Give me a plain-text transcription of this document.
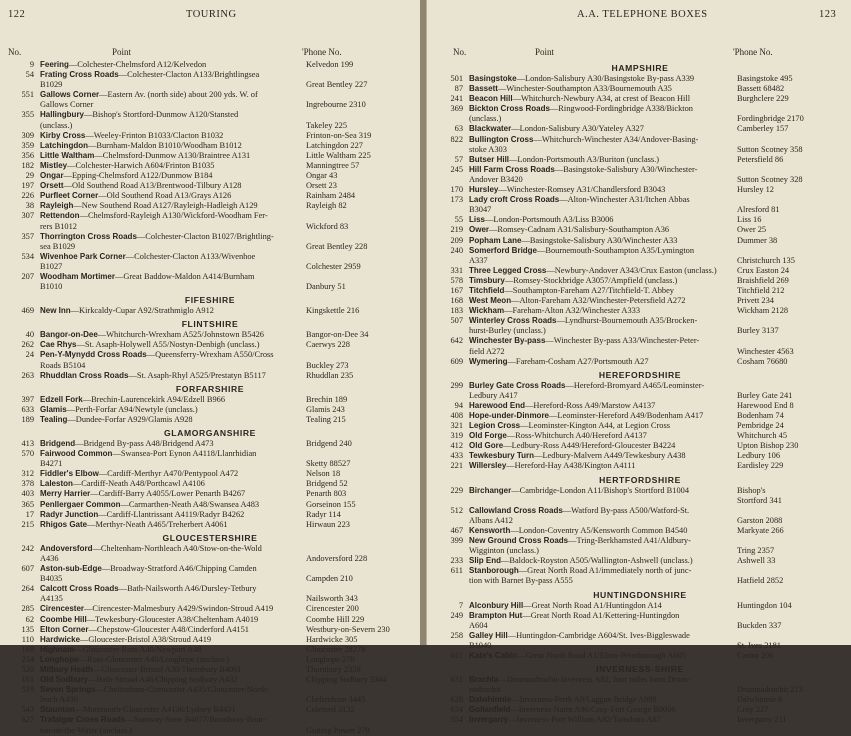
122	TOURING
No.	Point	'Phone No.
9 Feering—Colchester-Chelmsford A12/Kelvedon	Kelvedon 199
54 Frating Cross Roads—Colchester-Clacton A133/Brightlingsea
B1029	Great Bentley 227
551 Gallows Corner—Eastern Av. (north side) about 200 yds. W. of
Gallows Corner	Ingrebourne 2310
355 Hallingbury—Bishop's Stortford-Dunmow A120/Stansted
(unclass.)	Takeley 225
309 Kirby Cross—Weeley-Frinton B1033/Clacton B1032	Frinton-on-Sea 319
359 Latchingdon—Burnham-Maldon B1010/Woodham B1012	Latchingdon 227
356 Little Waltham—Chelmsford-Dunmow A130/Braintree A131	Little Waltham 225
182 Mistley—Colchester-Harwich A604/Frinton B1035	Manningtree 57
29 Ongar—Epping-Chelmsford A122/Dunmow B184	Ongar 43
197 Orsett—Old Southend Road A13/Brentwood-Tilbury A128	Orsett 23
226 Purfleet Corner—Old Southend Road A13/Grays A126	Rainham 2484
38 Rayleigh—New Southend Road A127/Rayleigh-Hadleigh A129	Rayleigh 82
307 Rettendon—Chelmsford-Rayleigh A130/Wickford-Woodham Fer-
rers B1012	Wickford 83
357 Thorrington Cross Roads—Colchester-Clacton B1027/Brightling-
sea B1029	Great Bentley 228
534 Wivenhoe Park Corner—Colchester-Clacton A133/Wivenhoe
B1027	Colchester 2959
207 Woodham Mortimer—Great Baddow-Maldon A414/Burnham
B1010	Danbury 51
FIFESHIRE
469 New Inn—Kirkcaldy-Cupar A92/Strathmiglo A912	Kingskettle 216
FLINTSHIRE
40 Bangor-on-Dee—Whitchurch-Wrexham A525/Johnstown B5426	Bangor-on-Dee 34
262 Cae Rhys—St. Asaph-Holywell A55/Nostyn-Denbigh (unclass.)	Caerwys 228
24 Pen-Y-Mynydd Cross Roads—Queensferry-Wrexham A550/Cross
Roads B5104	Buckley 273
263 Rhuddlan Cross Roads—St. Asaph-Rhyl A525/Prestatyn B5117	Rhuddlan 235
FORFARSHIRE
397 Edzell Fork—Brechin-Laurencekirk A94/Edzell B966	Brechin 189
633 Glamis—Perth-Forfar A94/Newtyle (unclass.)	Glamis 243
189 Tealing—Dundee-Forfar A929/Glamis A928	Tealing 215
GLAMORGANSHIRE
413 Bridgend—Bridgend By-pass A48/Bridgend A473	Bridgend 240
570 Fairwood Common—Swansea-Port Eynon A4118/Llanrhidian
B4271	Sketty 88527
312 Fiddler's Elbow—Cardiff-Merthyr A470/Pentypool A472	Nelson 18
378 Laleston—Cardiff-Neath A48/Porthcawl A4106	Bridgend 52
403 Merry Harrier—Cardiff-Barry A4055/Lower Penarth B4267	Penarth 803
365 Penllergaer Common—Carmarthen-Neath A48/Swansea A483	Gorseinon 155
17 Radyr Junction—Cardiff-Llantrissant A4119/Radyr B4262	Radyr 114
215 Rhigos Gate—Merthyr-Neath A465/Treherbert A4061	Hirwaun 223
GLOUCESTERSHIRE
242 Andoversford—Cheltenham-Northleach A40/Stow-on-the-Wold
A436	Andoversford 228
607 Aston-sub-Edge—Broadway-Stratford A46/Chipping Camden
B4035	Campden 210
264 Calcott Cross Roads—Bath-Nailsworth A46/Dursley-Tetbury
A4135	Nailsworth 343
285 Cirencester—Cirencester-Malmesbury A429/Swindon-Stroud A419	Cirencester 200
62 Coombe Hill—Tewkesbury-Gloucester A38/Cheltenham A4019	Coombe Hill 229
135 Elton Corner—Chepstow-Gloucester A48/Cinderford A4151	Westbury-on-Severn 230
110 Hardwicke—Gloucester-Bristol A38/Stroud A419	Hardwicke 305
169 Highnam—Gloucester-Ross A40/Newport A48	Gloucester 28278
234 Longhope—Ross-Gloucester A40/Longhope (unclass.)	Longhope 270
520 Milbury Heath—Gloucester-Bristol A38/Thornbury B4061	Thornbury 2359
101 Old Sodbury—Bath-Stroud A46/Chipping Sodbury A432	Chipping Sodbury 3344
519 Seven Springs—Cheltenham-Cirencester A435/Gloucester-North-
leach A436	Cheltenham 3445
543 Staunton—Monmouth-Gloucester A4136/Lydney B4431	Coleford 3132
627 Trafalgar Cross Roads—Stanway-Stow B4077/Broadway-Bour-
ton-on-the-Water (unclass.)	Guiting Power 279
A.A. TELEPHONE BOXES	123
No.	Point	'Phone No.
HAMPSHIRE
501 Basingstoke—London-Salisbury A30/Basingstoke By-pass A339	Basingstoke 495
87 Bassett—Winchester-Southampton A33/Bournemouth A35	Bassett 68482
241 Beacon Hill—Whitchurch-Newbury A34, at crest of Beacon Hill	Burghclere 229
369 Bickton Cross Roads—Ringwood-Fordingbridge A338/Bickton
(unclass.)	Fordingbridge 2170
63 Blackwater—London-Salisbury A30/Yateley A327	Camberley 157
822 Bullington Cross—Whitchurch-Winchester A34/Andover-Basing-
stoke A303	Sutton Scotney 358
57 Butser Hill—London-Portsmouth A3/Buriton (unclass.)	Petersfield 86
245 Hill Farm Cross Roads—Basingstoke-Salisbury A30/Winchester-
Andover B3420	Sutton Scotney 328
170 Hursley—Winchester-Romsey A31/Chandlersford B3043	Hursley 12
173 Lady croft Cross Roads—Alton-Winchester A31/Itchen Abbas
B3047	Alresford 81
55 Liss—London-Portsmouth A3/Liss B3006	Liss 16
219 Ower—Romsey-Cadnam A31/Salisbury-Southampton A36	Ower 25
209 Popham Lane—Basingstoke-Salisbury A30/Winchester A33	Dummer 38
240 Somerford Bridge—Bournemouth-Southampton A35/Lymington
A337	Christchurch 135
331 Three Legged Cross—Newbury-Andover A343/Crux Easton (unclass.)	Crux Easton 24
578 Timsbury—Romsey-Stockbridge A3057/Ampfield (unclass.)	Braishfield 269
167 Titchfield—Southampton-Fareham A27/Titchfield-T. Abbey	Titchfield 212
168 West Meon—Alton-Fareham A32/Winchester-Petersfield A272	Privett 234
183 Wickham—Fareham-Alton A32/Winchester A333	Wickham 2128
507 Winterley Cross Roads—Lyndhurst-Bournemouth A35/Brocken-
hurst-Burley (unclass.)	Burley 3137
642 Winchester By-pass—Winchester By-pass A33/Winchester-Peter-
field A272	Winchester 4563
609 Wymering—Fareham-Cosham A27/Portsmouth A27	Cosham 76680
HEREFORDSHIRE
299 Burley Gate Cross Roads—Hereford-Bromyard A465/Leominster-
Ledbury A417	Burley Gate 241
94 Harewood End—Hereford-Ross A49/Marstow A4137	Harewood End 8
408 Hope-under-Dinmore—Leominster-Hereford A49/Bodenham A417	Bodenham 74
321 Legion Cross—Leominster-Kington A44, at Legion Cross	Pembridge 24
319 Old Forge—Ross-Whitchurch A40/Hereford A4137	Whitchurch 45
412 Old Gore—Ledbury-Ross A449/Hereford-Gloucester B4224	Upton Bishop 230
433 Tewkesbury Turn—Ledbury-Malvern A449/Tewkesbury A438	Ledbury 106
221 Willersley—Hereford-Hay A438/Kington A4111	Eardisley 229
HERTFORDSHIRE
229 Birchanger—Cambridge-London A11/Bishop's Stortford B1004	Bishop's
Stortford 341
512 Callowland Cross Roads—Watford By-pass A500/Watford-St.
Albans A412	Garston 2088
467 Kensworth—London-Coventry A5/Kensworth Common B4540	Markyate 266
399 New Ground Cross Roads—Tring-Berkhamsted A41/Aldbury-
Wigginton (unclass.)	Tring 2357
233 Slip End—Baldock-Royston A505/Wallington-Ashwell (unclass.)	Ashwell 33
611 Stanborough—Great North Road A1/immediately north of junc-
tion with Barnet By-pass A555	Hatfield 2852
HUNTINGDONSHIRE
7 Alconbury Hill—Great North Road A1/Huntingdon A14	Huntingdon 104
249 Brampton Hut—Great North Road A1/Kettering-Huntingdon
A604	Buckden 337
258 Galley Hill—Huntingdon-Cambridge A604/St. Ives-Biggleswade
B1040	St. Ives 2181
611 Kate's Cabin—Great North Road A1/Elton-Peterborough A605	Castor 206
INVERNESS-SHIRE
631 Brachla—Drumnadrochit-Inverness A82, four miles from Drum-
nadrochit	Drumnadrochit 213
628 Dalwhinnie—Inverness-Perth A9/Laggan Bridge A889	Dalwhinnie 6
634 Gollanfield—Inverness-Nairn A96/Croy-Fort George B9006	Croy 227
554 Invergarry—Inverness-Port William A82/Tomdoun A87	Invergarry 211
